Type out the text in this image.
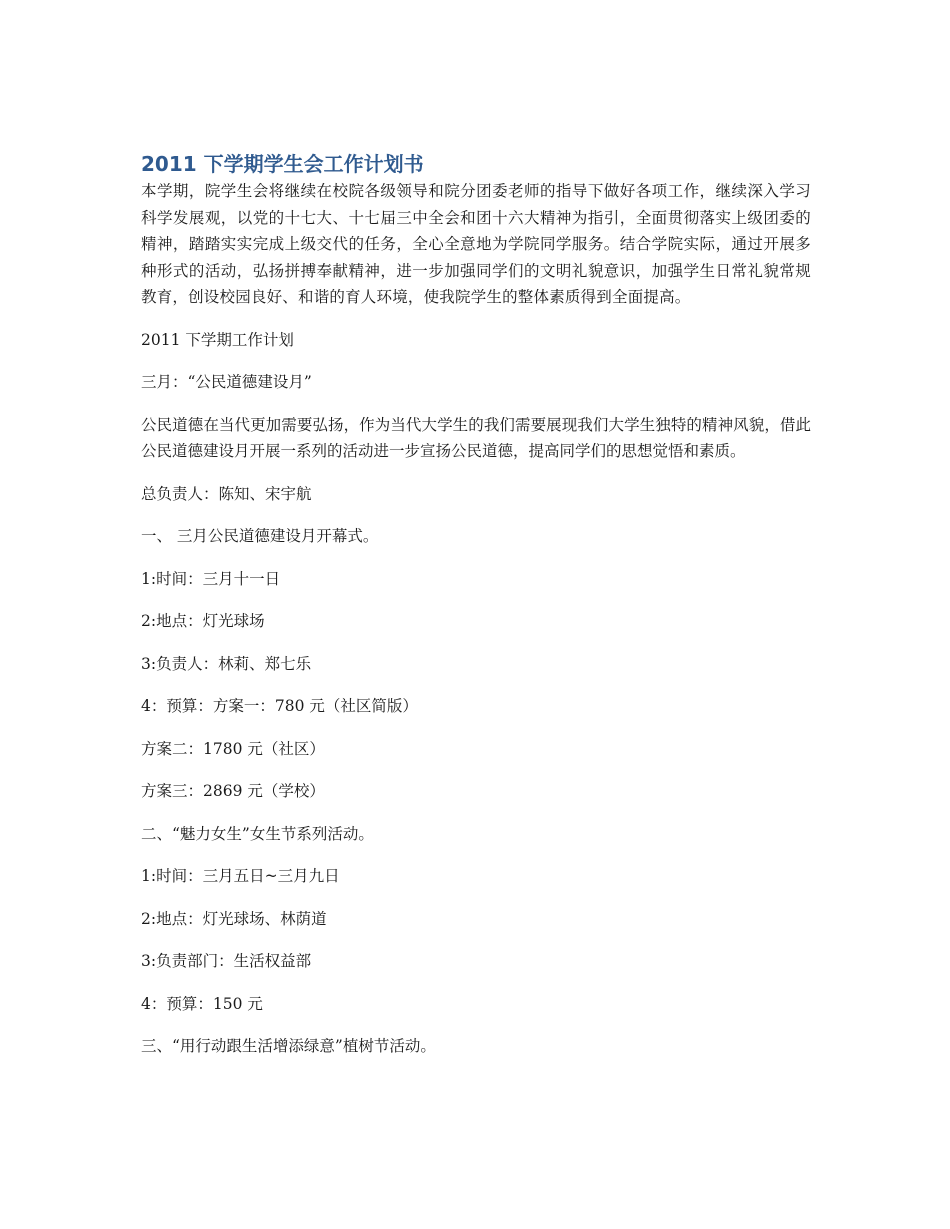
2011 下学期学生会工作计划书

本学期，院学生会将继续在校院各级领导和院分团委老师的指导下做好各项工作，继续深入学习科学发展观，以党的十七大、十七届三中全会和团十六大精神为指引，全面贯彻落实上级团委的精神，踏踏实实完成上级交代的任务，全心全意地为学院同学服务。结合学院实际，通过开展多种形式的活动，弘扬拼搏奉献精神，进一步加强同学们的文明礼貌意识，加强学生日常礼貌常规教育，创设校园良好、和谐的育人环境，使我院学生的整体素质得到全面提高。

2011 下学期工作计划

三月：“公民道德建设月”

公民道德在当代更加需要弘扬，作为当代大学生的我们需要展现我们大学生独特的精神风貌，借此公民道德建设月开展一系列的活动进一步宣扬公民道德，提高同学们的思想觉悟和素质。

总负责人：陈知、宋宇航

一、 三月公民道德建设月开幕式。

1:时间：三月十一日

2:地点：灯光球场

3:负责人：林莉、郑七乐

4：预算：方案一：780 元（社区简版）

方案二：1780 元（社区）

方案三：2869 元（学校）

二、“魅力女生”女生节系列活动。

1:时间：三月五日~三月九日

2:地点：灯光球场、林荫道

3:负责部门：生活权益部

4：预算：150 元

三、“用行动跟生活增添绿意”植树节活动。
